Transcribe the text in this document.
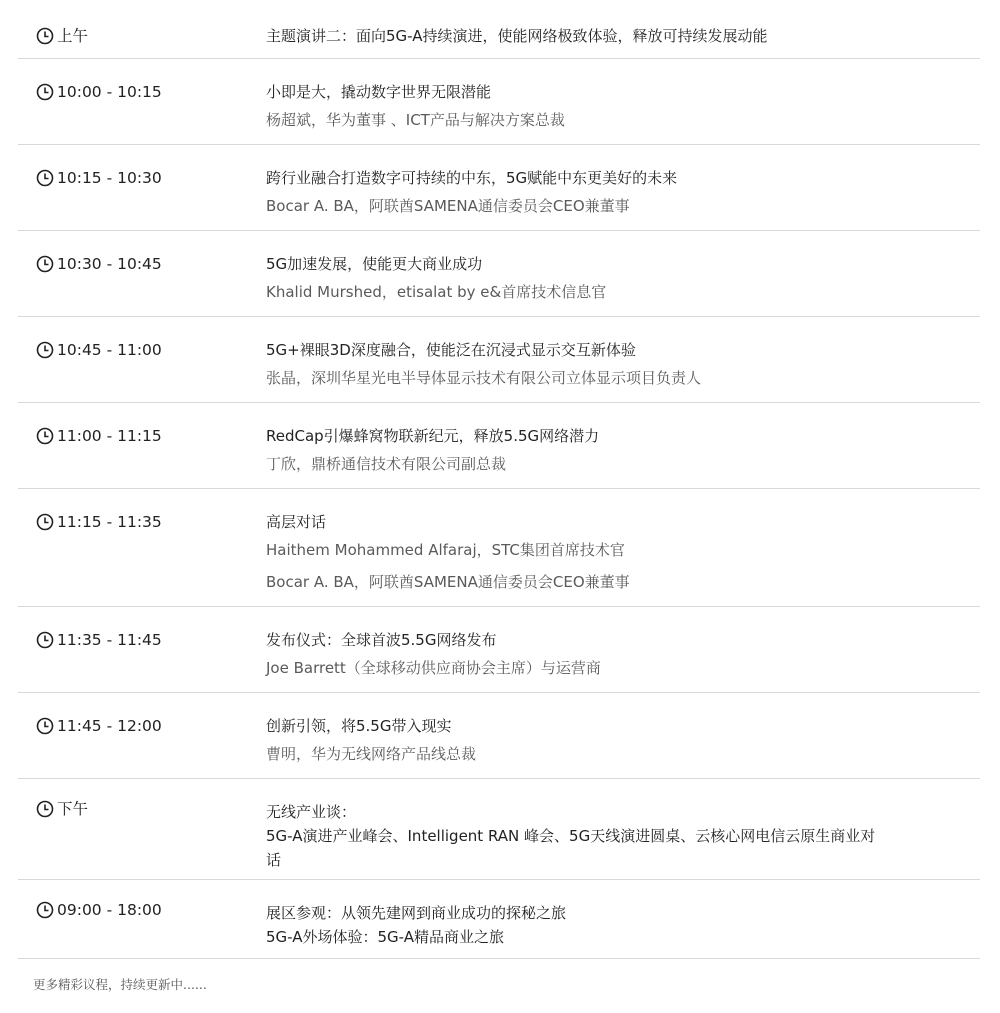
上午	主题演讲二：面向5G-A持续演进，使能网络极致体验，释放可持续发展动能
10:00 - 10:15	小即是大，撬动数字世界无限潜能
杨超斌，华为董事 、ICT产品与解决方案总裁
10:15 - 10:30	跨行业融合打造数字可持续的中东，5G赋能中东更美好的未来
Bocar A. BA，阿联酋SAMENA通信委员会CEO兼董事
10:30 - 10:45	5G加速发展，使能更大商业成功
Khalid Murshed，etisalat by e&首席技术信息官
10:45 - 11:00	5G+裸眼3D深度融合，使能泛在沉浸式显示交互新体验
张晶，深圳华星光电半导体显示技术有限公司立体显示项目负责人
11:00 - 11:15	RedCap引爆蜂窝物联新纪元，释放5.5G网络潜力
丁欣，鼎桥通信技术有限公司副总裁
11:15 - 11:35	高层对话
Haithem Mohammed Alfaraj，STC集团首席技术官
Bocar A. BA，阿联酋SAMENA通信委员会CEO兼董事
11:35 - 11:45	发布仪式：全球首波5.5G网络发布
Joe Barrett（全球移动供应商协会主席）与运营商
11:45 - 12:00	创新引领，将5.5G带入现实
曹明，华为无线网络产品线总裁
下午	无线产业谈：
5G-A演进产业峰会、Intelligent RAN 峰会、5G天线演进圆桌、云核心网电信云原生商业对话
09:00 - 18:00	展区参观：从领先建网到商业成功的探秘之旅
5G-A外场体验：5G-A精品商业之旅
更多精彩议程，持续更新中......
